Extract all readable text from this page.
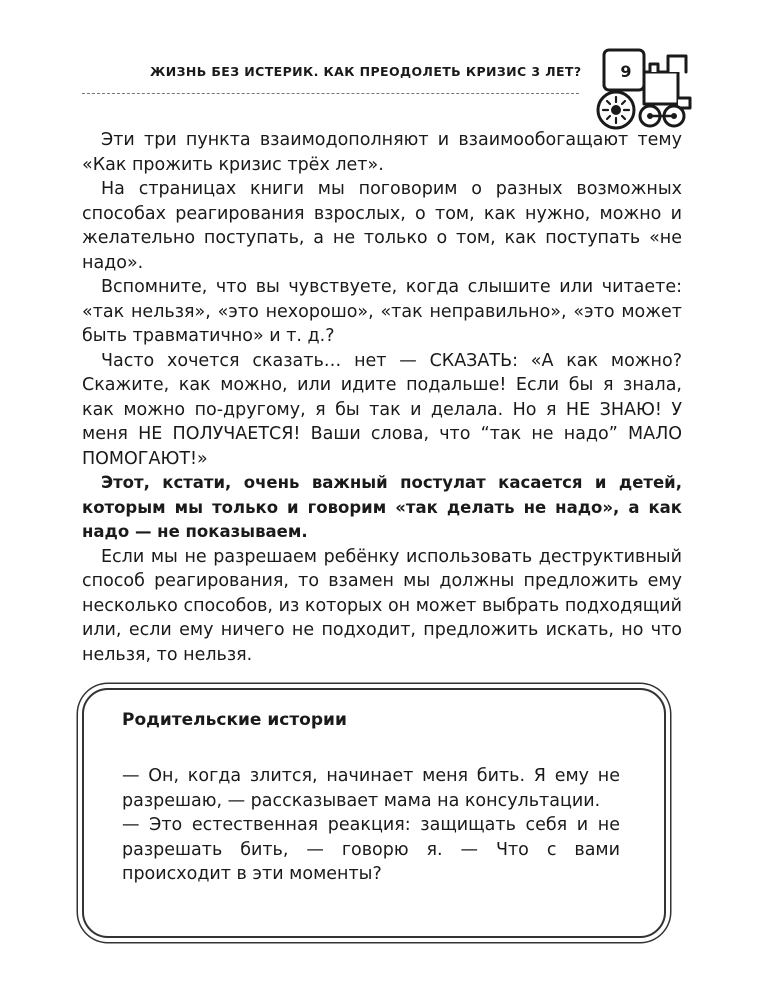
ЖИЗНЬ БЕЗ ИСТЕРИК. КАК ПРЕОДОЛЕТЬ КРИЗИС 3 ЛЕТ?	9

Эти три пункта взаимодополняют и взаимообогащают тему «Как прожить кризис трёх лет».

На страницах книги мы поговорим о разных возможных способах реагирования взрослых, о том, как нужно, можно и желательно поступать, а не только о том, как поступать «не надо».

Вспомните, что вы чувствуете, когда слышите или читаете: «так нельзя», «это нехорошо», «так неправильно», «это может быть травматично» и т. д.?

Часто хочется сказать… нет — СКАЗАТЬ: «А как можно? Скажите, как можно, или идите подальше! Если бы я знала, как можно по-другому, я бы так и делала. Но я НЕ ЗНАЮ! У меня НЕ ПОЛУЧАЕТСЯ! Ваши слова, что “так не надо” МАЛО ПОМОГАЮТ!»

Этот, кстати, очень важный постулат касается и детей, которым мы только и говорим «так делать не надо», а как надо — не показываем.

Если мы не разрешаем ребёнку использовать деструктивный способ реагирования, то взамен мы должны предложить ему несколько способов, из которых он может выбрать подходящий или, если ему ничего не подходит, предложить искать, но что нельзя, то нельзя.

Родительские истории

— Он, когда злится, начинает меня бить. Я ему не разрешаю, — рассказывает мама на консультации.

— Это естественная реакция: защищать себя и не разрешать бить, — говорю я. — Что с вами происходит в эти моменты?
